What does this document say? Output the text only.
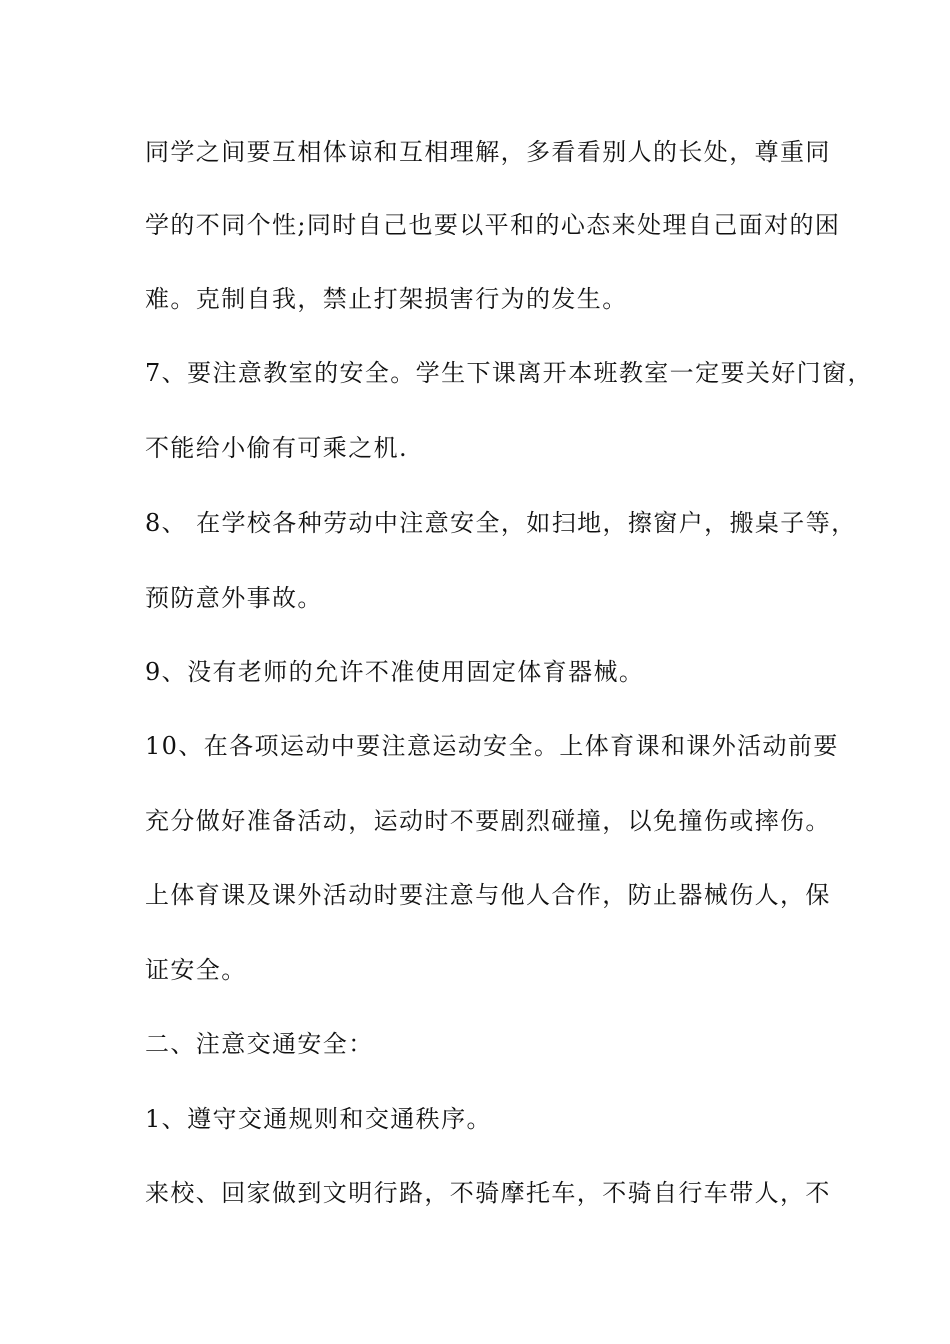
同学之间要互相体谅和互相理解，多看看别人的长处，尊重同
学的不同个性;同时自己也要以平和的心态来处理自己面对的困
难。克制自我，禁止打架损害行为的发生。
7、要注意教室的安全。学生下课离开本班教室一定要关好门窗，
不能给小偷有可乘之机.
8、 在学校各种劳动中注意安全，如扫地，擦窗户，搬桌子等，
预防意外事故。
9、没有老师的允许不准使用固定体育器械。
10、在各项运动中要注意运动安全。上体育课和课外活动前要
充分做好准备活动，运动时不要剧烈碰撞，以免撞伤或摔伤。
上体育课及课外活动时要注意与他人合作，防止器械伤人，保
证安全。
二、注意交通安全：
1、遵守交通规则和交通秩序。
来校、回家做到文明行路，不骑摩托车，不骑自行车带人，不
